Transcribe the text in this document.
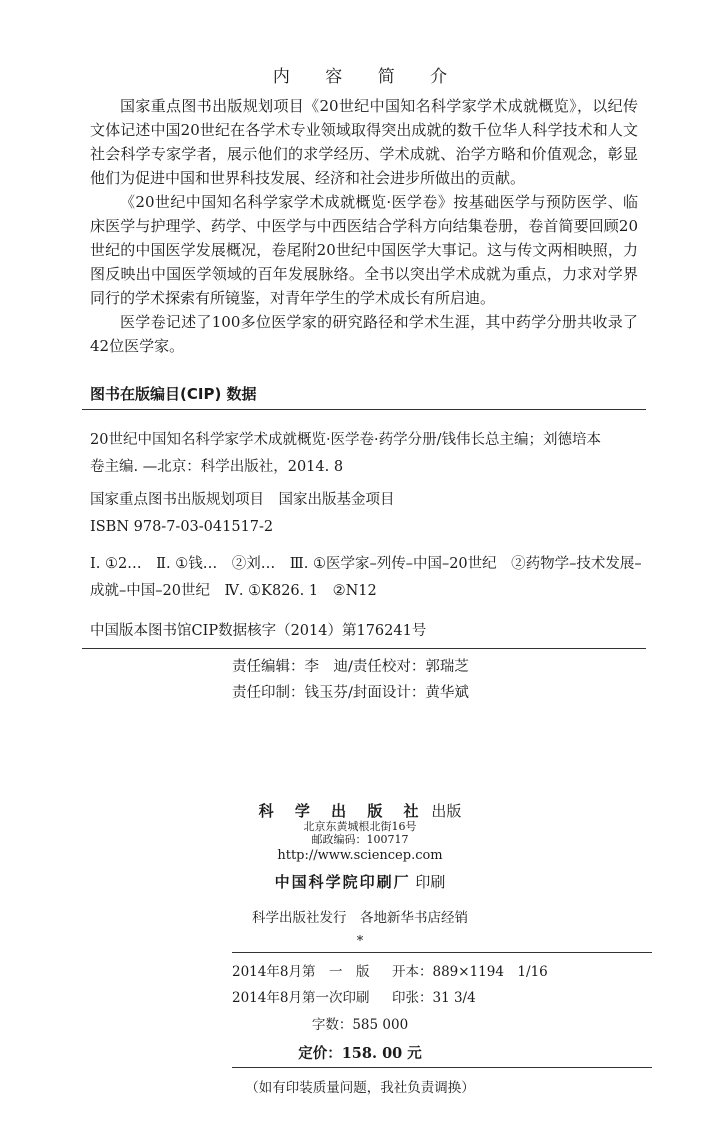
内 容 简 介

国家重点图书出版规划项目《20世纪中国知名科学家学术成就概览》，以纪传文体记述中国20世纪在各学术专业领域取得突出成就的数千位华人科学技术和人文社会科学专家学者，展示他们的求学经历、学术成就、治学方略和价值观念，彰显他们为促进中国和世界科技发展、经济和社会进步所做出的贡献。

《20世纪中国知名科学家学术成就概览·医学卷》按基础医学与预防医学、临床医学与护理学、药学、中医学与中西医结合学科方向结集卷册，卷首简要回顾20世纪的中国医学发展概况，卷尾附20世纪中国医学大事记。这与传文两相映照，力图反映出中国医学领域的百年发展脉络。全书以突出学术成就为重点，力求对学界同行的学术探索有所镜鉴，对青年学生的学术成长有所启迪。

医学卷记述了100多位医学家的研究路径和学术生涯，其中药学分册共收录了42位医学家。

图书在版编目(CIP) 数据
20世纪中国知名科学家学术成就概览·医学卷·药学分册/钱伟长总主编；刘德培本
卷主编. —北京：科学出版社，2014. 8
国家重点图书出版规划项目　国家出版基金项目
ISBN 978-7-03-041517-2
Ⅰ. ①2…　Ⅱ. ①钱…　②刘…　Ⅲ. ①医学家–列传–中国–20世纪　②药物学–技术发展–
成就–中国–20世纪　Ⅳ. ①K826. 1　②N12
中国版本图书馆CIP数据核字（2014）第176241号
责任编辑：李　迪/责任校对：郭瑞芝
责任印制：钱玉芬/封面设计：黄华斌
科 学 出 版 社 出版
北京东黄城根北街16号
邮政编码：100717
http://www.sciencep.com
中国科学院印刷厂 印刷
科学出版社发行　各地新华书店经销
*
2014年8月第　一　版 开本：889×1194　1/16
2014年8月第一次印刷 印张：31 3/4
字数：585 000
定价：158. 00 元
（如有印装质量问题，我社负责调换）
